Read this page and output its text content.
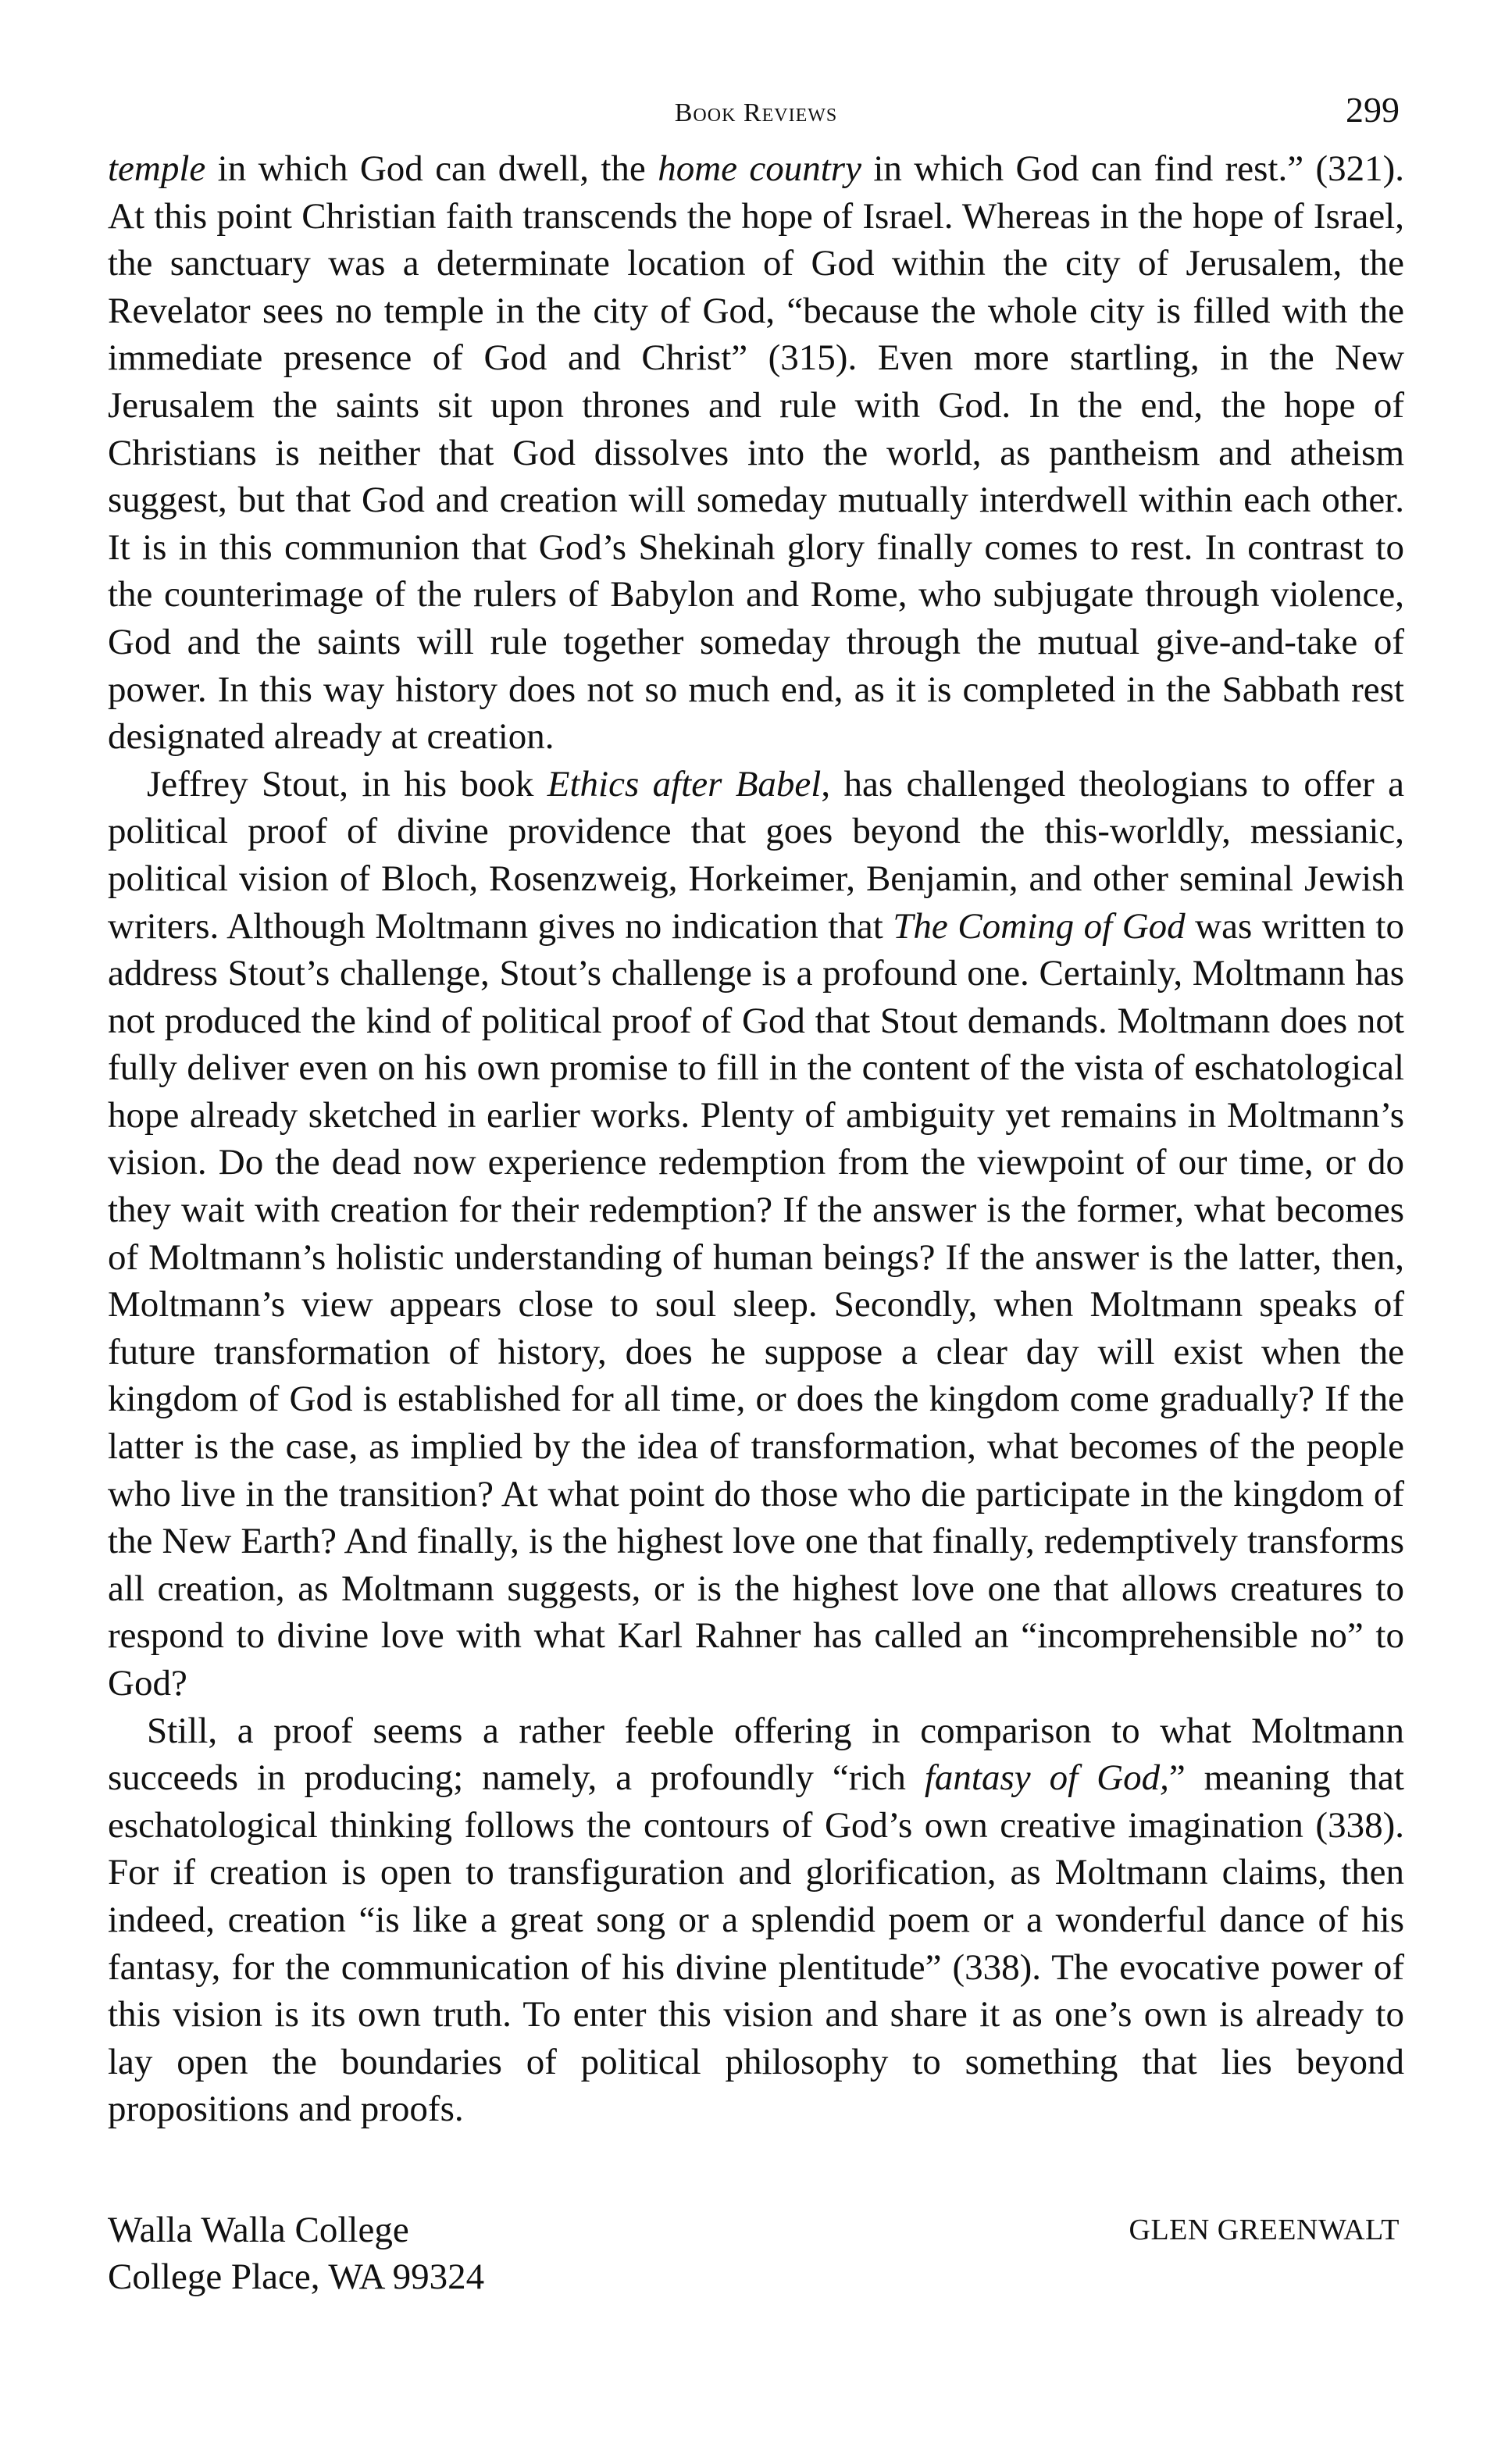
Book Reviews	299

temple in which God can dwell, the home country in which God can find rest.” (321). At this point Christian faith transcends the hope of Israel. Whereas in the hope of Israel, the sanctuary was a determinate location of God within the city of Jerusalem, the Revelator sees no temple in the city of God, “because the whole city is filled with the immediate presence of God and Christ” (315). Even more startling, in the New Jerusalem the saints sit upon thrones and rule with God. In the end, the hope of Christians is neither that God dissolves into the world, as pantheism and atheism suggest, but that God and creation will someday mutually interdwell within each other. It is in this communion that God’s Shekinah glory finally comes to rest. In contrast to the counterimage of the rulers of Babylon and Rome, who subjugate through violence, God and the saints will rule together someday through the mutual give-and-take of power. In this way history does not so much end, as it is completed in the Sabbath rest designated already at creation.

Jeffrey Stout, in his book Ethics after Babel, has challenged theologians to offer a political proof of divine providence that goes beyond the this-worldly, messianic, political vision of Bloch, Rosenzweig, Horkeimer, Benjamin, and other seminal Jewish writers. Although Moltmann gives no indication that The Coming of God was written to address Stout’s challenge, Stout’s challenge is a profound one. Certainly, Moltmann has not produced the kind of political proof of God that Stout demands. Moltmann does not fully deliver even on his own promise to fill in the content of the vista of eschatological hope already sketched in earlier works. Plenty of ambiguity yet remains in Moltmann’s vision. Do the dead now experience redemption from the viewpoint of our time, or do they wait with creation for their redemption? If the answer is the former, what becomes of Moltmann’s holistic understanding of human beings? If the answer is the latter, then, Moltmann’s view appears close to soul sleep. Secondly, when Moltmann speaks of future transformation of history, does he suppose a clear day will exist when the kingdom of God is established for all time, or does the kingdom come gradually? If the latter is the case, as implied by the idea of transformation, what becomes of the people who live in the transition? At what point do those who die participate in the kingdom of the New Earth? And finally, is the highest love one that finally, redemptively transforms all creation, as Moltmann suggests, or is the highest love one that allows creatures to respond to divine love with what Karl Rahner has called an “incomprehensible no” to God?

Still, a proof seems a rather feeble offering in comparison to what Moltmann succeeds in producing; namely, a profoundly “rich fantasy of God,” meaning that eschatological thinking follows the contours of God’s own creative imagination (338). For if creation is open to transfiguration and glorification, as Moltmann claims, then indeed, creation “is like a great song or a splendid poem or a wonderful dance of his fantasy, for the communication of his divine plentitude” (338). The evocative power of this vision is its own truth. To enter this vision and share it as one’s own is already to lay open the boundaries of political philosophy to something that lies beyond propositions and proofs.

Walla Walla College
College Place, WA 99324
GLEN GREENWALT
